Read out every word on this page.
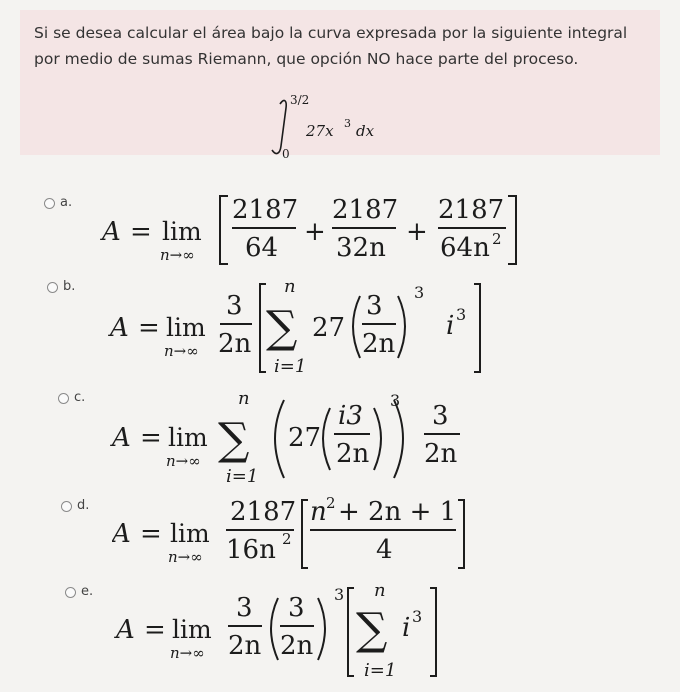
Si se desea calcular el área bajo la curva expresada por la siguiente integral por medio de sumas Riemann, que opción NO hace parte del proceso.
3/2
0
27x 3 dx
a.
A = lim
n→∞
2187
64
+
2187
32n
+
2187
64n 2
b.
A = lim
n→∞
3
2n
n
∑
i=1
27
3
2n
3
i 3
c.
A = lim
n→∞
n
∑
i=1
27
i3
2n
3
3
2n
d.
A = lim
n→∞
2187
16n 2
n 2 + 2n + 1
4
e.
A = lim
n→∞
3
2n
3
2n
3 n
∑
i=1
i 3
